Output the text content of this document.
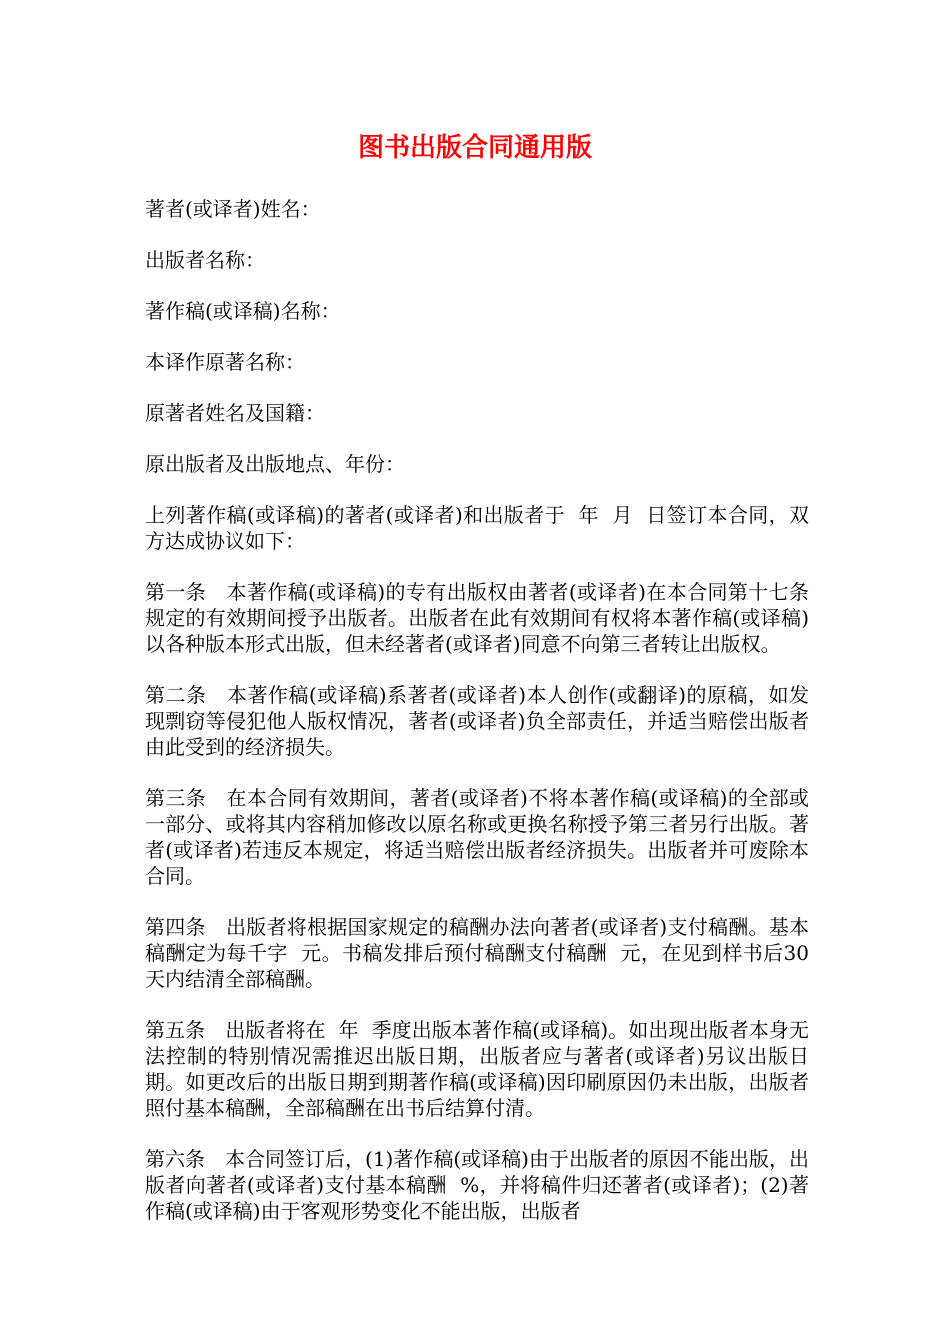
图书出版合同通用版

著者(或译者)姓名：

出版者名称：

著作稿(或译稿)名称：

本译作原著名称：

原著者姓名及国籍：

原出版者及出版地点、年份：

上列著作稿(或译稿)的著者(或译者)和出版者于  年  月  日签订本合同，双方达成协议如下：

第一条　本著作稿(或译稿)的专有出版权由著者(或译者)在本合同第十七条规定的有效期间授予出版者。出版者在此有效期间有权将本著作稿(或译稿)以各种版本形式出版，但未经著者(或译者)同意不向第三者转让出版权。

第二条　本著作稿(或译稿)系著者(或译者)本人创作(或翻译)的原稿，如发现剽窃等侵犯他人版权情况，著者(或译者)负全部责任，并适当赔偿出版者由此受到的经济损失。

第三条　在本合同有效期间，著者(或译者)不将本著作稿(或译稿)的全部或一部分、或将其内容稍加修改以原名称或更换名称授予第三者另行出版。著者(或译者)若违反本规定，将适当赔偿出版者经济损失。出版者并可废除本合同。

第四条　出版者将根据国家规定的稿酬办法向著者(或译者)支付稿酬。基本稿酬定为每千字  元。书稿发排后预付稿酬支付稿酬  元，在见到样书后30天内结清全部稿酬。

第五条　出版者将在  年  季度出版本著作稿(或译稿)。如出现出版者本身无法控制的特别情况需推迟出版日期，出版者应与著者(或译者)另议出版日期。如更改后的出版日期到期著作稿(或译稿)因印刷原因仍未出版，出版者照付基本稿酬，全部稿酬在出书后结算付清。

第六条　本合同签订后，(1)著作稿(或译稿)由于出版者的原因不能出版，出版者向著者(或译者)支付基本稿酬  %，并将稿件归还著者(或译者)；(2)著作稿(或译稿)由于客观形势变化不能出版，出版者
